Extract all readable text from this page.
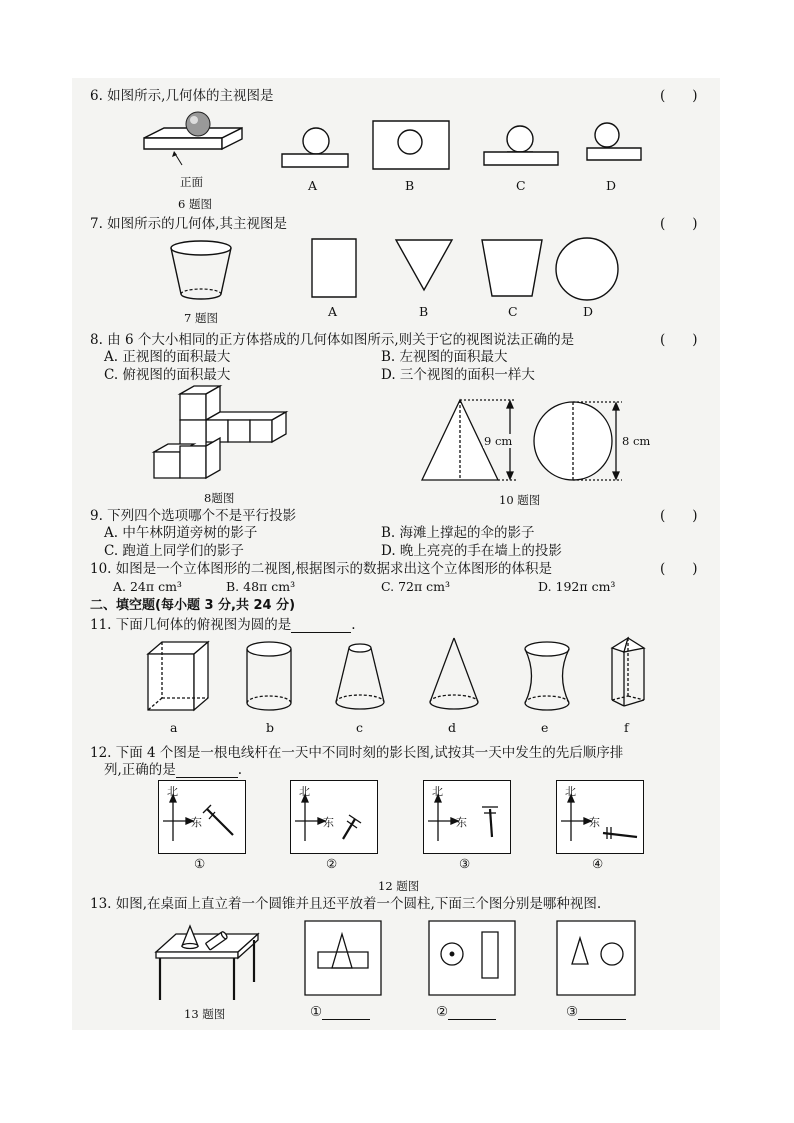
6. 如图所示,几何体的主视图是	(　　)
正面
6 题图
A	B	C	D
7. 如图所示的几何体,其主视图是	(　　)
7 题图	A	B	C	D
8. 由 6 个大小相同的正方体搭成的几何体如图所示,则关于它的视图说法正确的是	(　　)
A. 正视图的面积最大	B. 左视图的面积最大
C. 俯视图的面积最大	D. 三个视图的面积一样大
8题图
9 cm	8 cm
10 题图
9. 下列四个选项哪个不是平行投影	(　　)
A. 中午林阴道旁树的影子	B. 海滩上撑起的伞的影子
C. 跑道上同学们的影子	D. 晚上亮亮的手在墙上的投影
10. 如图是一个立体图形的二视图,根据图示的数据求出这个立体图形的体积是	(　　)
A. 24π cm³	B. 48π cm³	C. 72π cm³	D. 192π cm³
二、填空题(每小题 3 分,共 24 分)
11. 下面几何体的俯视图为圆的是	.
a	b	c	d	e	f
12. 下面 4 个图是一根电线杆在一天中不同时刻的影长图,试按其一天中发生的先后顺序排
列,正确的是	.
北
东
①
北
东
②
北
东
③
北
东
④
12 题图
13. 如图,在桌面上直立着一个圆锥并且还平放着一个圆柱,下面三个图分别是哪种视图.
13 题图	①	②	③
